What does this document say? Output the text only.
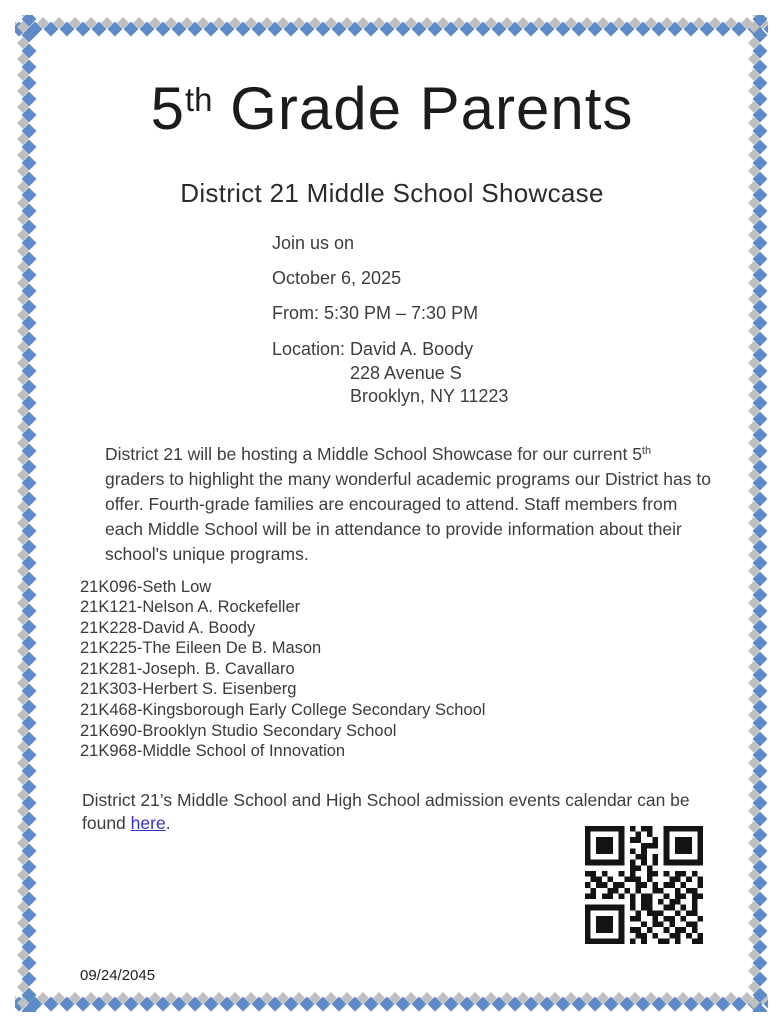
5th Grade Parents
District 21 Middle School Showcase

Join us on

October 6, 2025

From: 5:30 PM – 7:30 PM

Location: David A. Boody

228 Avenue S

Brooklyn, NY 11223

District 21 will be hosting a Middle School Showcase for our current 5th graders to highlight the many wonderful academic programs our District has to offer. Fourth-grade families are encouraged to attend. Staff members from each Middle School will be in attendance to provide information about their school's unique programs.

21K096-Seth Low
21K121-Nelson A. Rockefeller
21K228-David A. Boody
21K225-The Eileen De B. Mason
21K281-Joseph. B. Cavallaro
21K303-Herbert S. Eisenberg
21K468-Kingsborough Early College Secondary School
21K690-Brooklyn Studio Secondary School
21K968-Middle School of Innovation

District 21’s Middle School and High School admission events calendar can be found here.

09/24/2045
